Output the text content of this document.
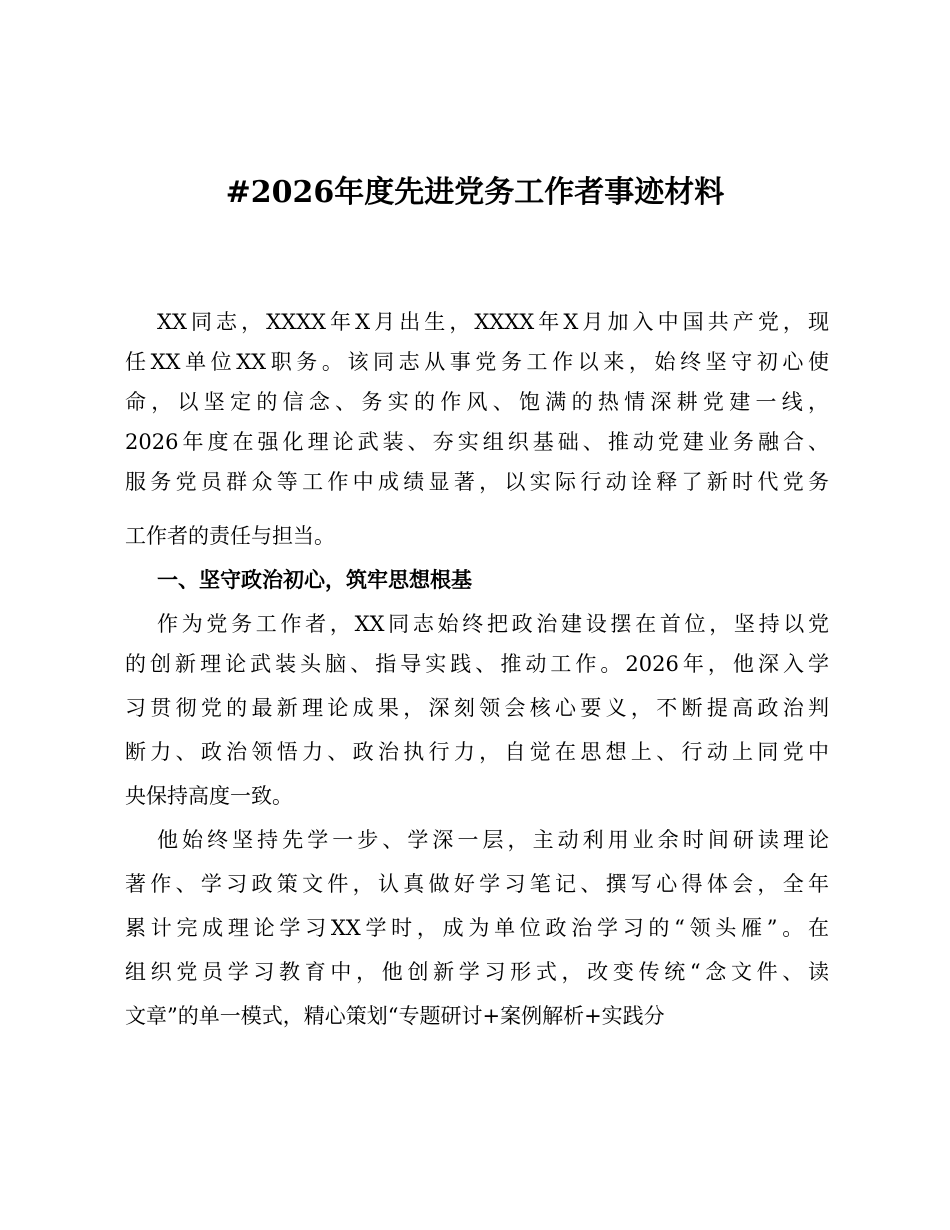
#2026年度先进党务工作者事迹材料

XX同志，XXXX年X月出生，XXXX年X月加入中国共产党，现

任XX单位XX职务。该同志从事党务工作以来，始终坚守初心使

命，以坚定的信念、务实的作风、饱满的热情深耕党建一线，

2026年度在强化理论武装、夯实组织基础、推动党建业务融合、

服务党员群众等工作中成绩显著，以实际行动诠释了新时代党务

工作者的责任与担当。

一、坚守政治初心，筑牢思想根基

作为党务工作者，XX同志始终把政治建设摆在首位，坚持以党

的创新理论武装头脑、指导实践、推动工作。2026年，他深入学

习贯彻党的最新理论成果，深刻领会核心要义，不断提高政治判

断力、政治领悟力、政治执行力，自觉在思想上、行动上同党中

央保持高度一致。

他始终坚持先学一步、学深一层，主动利用业余时间研读理论

著作、学习政策文件，认真做好学习笔记、撰写心得体会，全年

累计完成理论学习XX学时，成为单位政治学习的“领头雁”。在

组织党员学习教育中，他创新学习形式，改变传统“念文件、读

文章”的单一模式，精心策划“专题研讨+案例解析+实践分
